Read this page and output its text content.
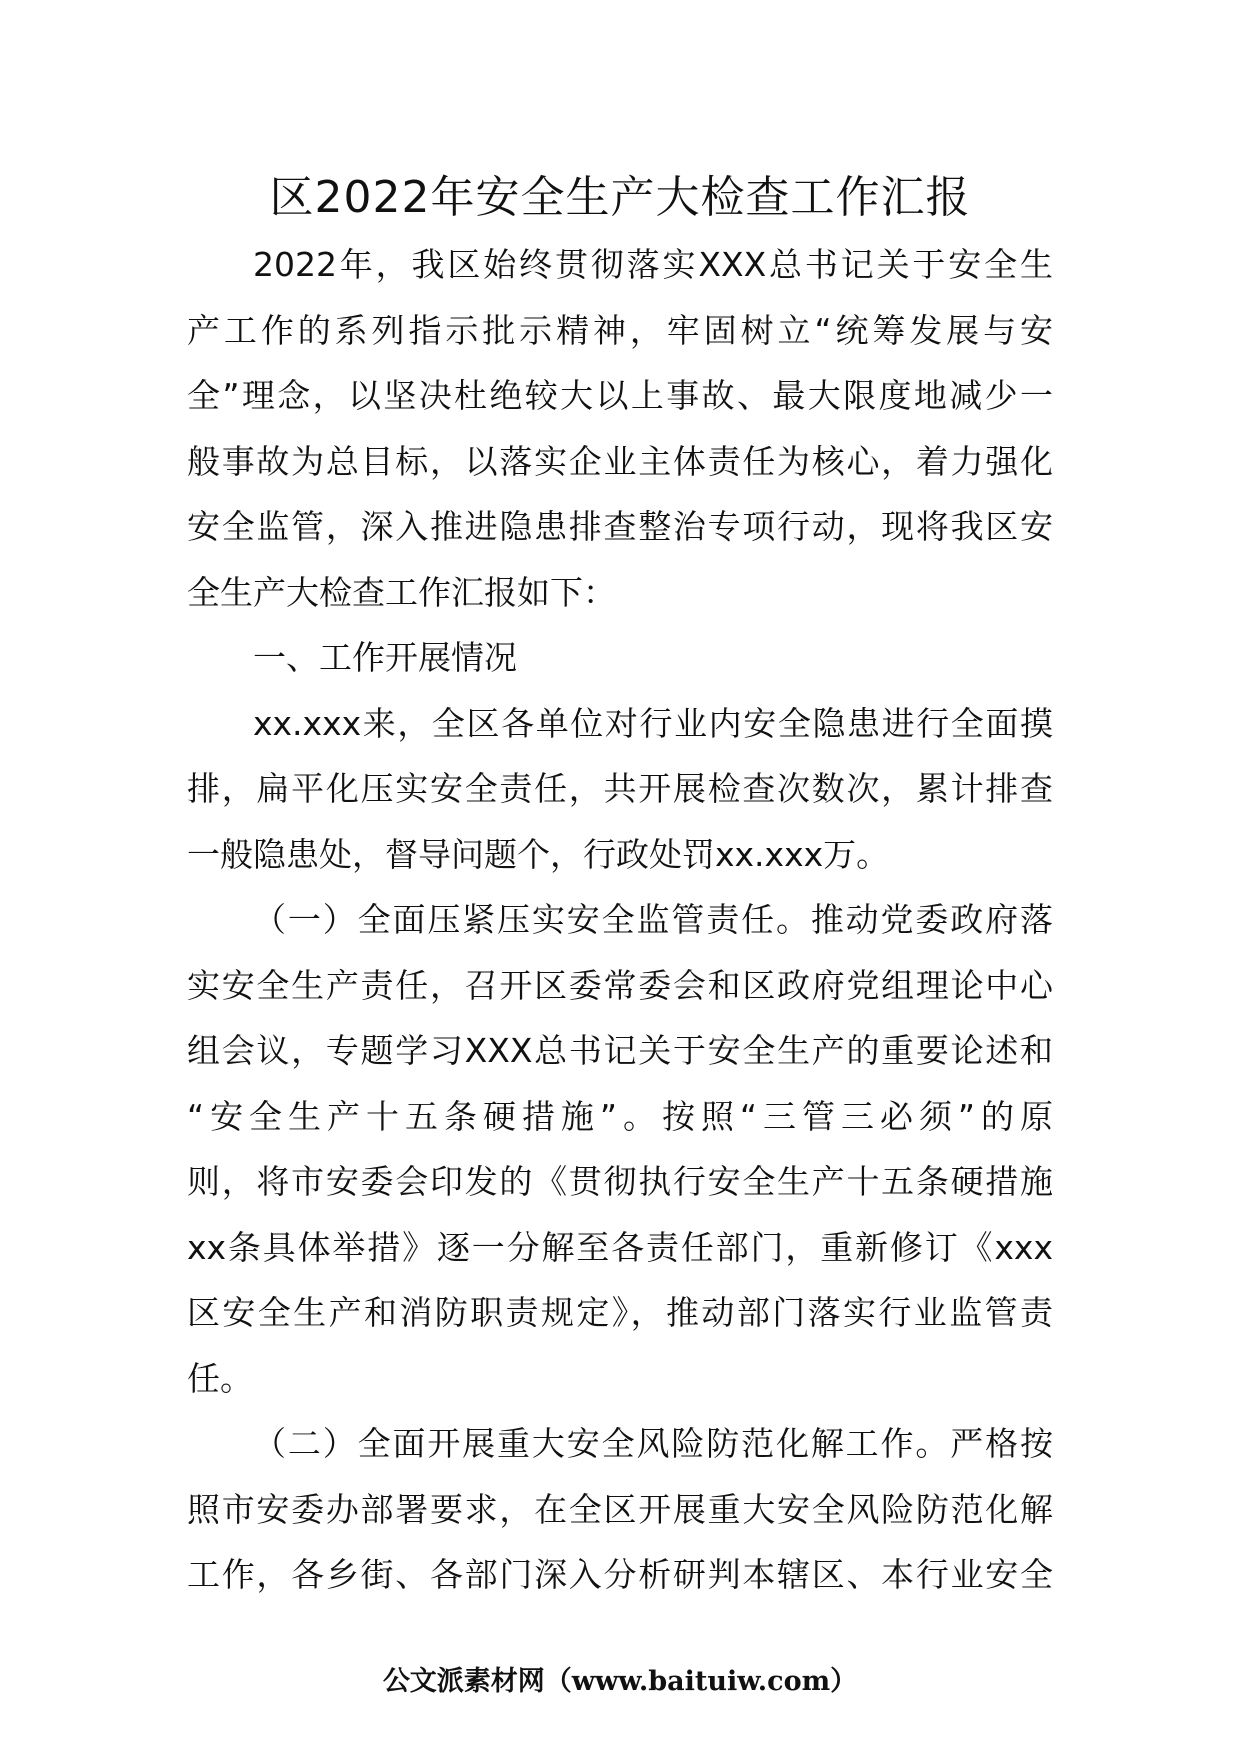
区2022年安全生产大检查工作汇报
2022年，我区始终贯彻落实XXX总书记关于安全生
产工作的系列指示批示精神，牢固树立“统筹发展与安
全”理念，以坚决杜绝较大以上事故、最大限度地减少一
般事故为总目标，以落实企业主体责任为核心，着力强化
安全监管，深入推进隐患排查整治专项行动，现将我区安
全生产大检查工作汇报如下：
一、工作开展情况
xx.xxx来，全区各单位对行业内安全隐患进行全面摸
排，扁平化压实安全责任，共开展检查次数次，累计排查
一般隐患处，督导问题个，行政处罚xx.xxx万。
（一）全面压紧压实安全监管责任。推动党委政府落
实安全生产责任，召开区委常委会和区政府党组理论中心
组会议，专题学习XXX总书记关于安全生产的重要论述和
“安全生产十五条硬措施”。按照“三管三必须”的原
则，将市安委会印发的《贯彻执行安全生产十五条硬措施
xx条具体举措》逐一分解至各责任部门，重新修订《xxx
区安全生产和消防职责规定》，推动部门落实行业监管责
任。
（二）全面开展重大安全风险防范化解工作。严格按
照市安委办部署要求，在全区开展重大安全风险防范化解
工作，各乡街、各部门深入分析研判本辖区、本行业安全
公文派素材网（www.baituiw.com）
